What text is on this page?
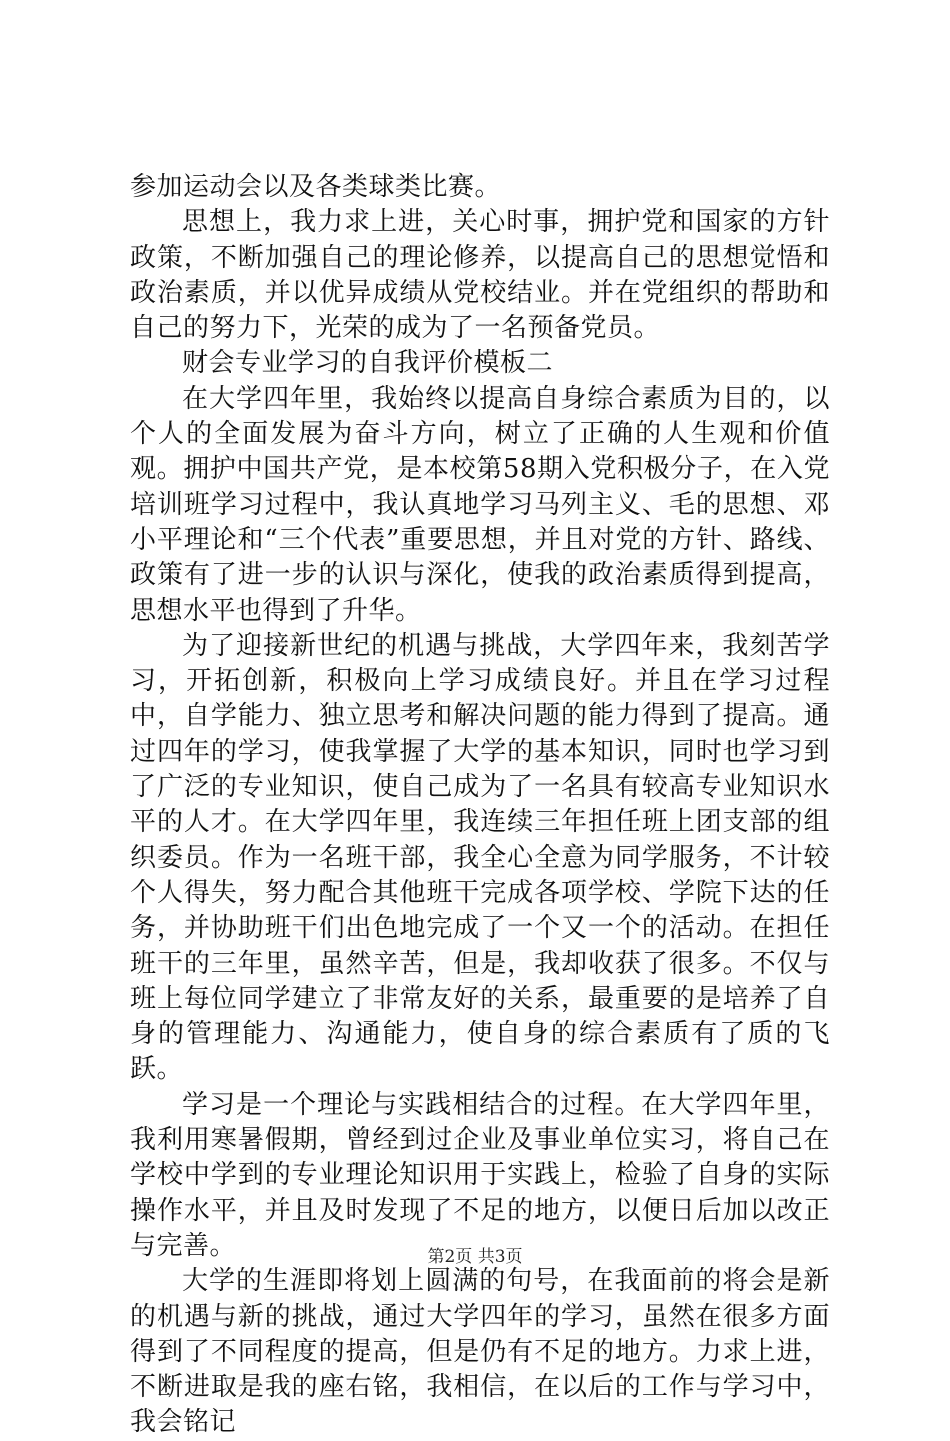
参加运动会以及各类球类比赛。

思想上，我力求上进，关心时事，拥护党和国家的方针政策，不断加强自己的理论修养，以提高自己的思想觉悟和政治素质，并以优异成绩从党校结业。并在党组织的帮助和自己的努力下，光荣的成为了一名预备党员。

财会专业学习的自我评价模板二

在大学四年里，我始终以提高自身综合素质为目的，以个人的全面发展为奋斗方向，树立了正确的人生观和价值观。拥护中国共产党，是本校第58期入党积极分子，在入党培训班学习过程中，我认真地学习马列主义、毛的思想、邓小平理论和“三个代表”重要思想，并且对党的方针、路线、政策有了进一步的认识与深化，使我的政治素质得到提高，思想水平也得到了升华。

为了迎接新世纪的机遇与挑战，大学四年来，我刻苦学习，开拓创新，积极向上学习成绩良好。并且在学习过程中，自学能力、独立思考和解决问题的能力得到了提高。通过四年的学习，使我掌握了大学的基本知识，同时也学习到了广泛的专业知识，使自己成为了一名具有较高专业知识水平的人才。在大学四年里，我连续三年担任班上团支部的组织委员。作为一名班干部，我全心全意为同学服务，不计较个人得失，努力配合其他班干完成各项学校、学院下达的任务，并协助班干们出色地完成了一个又一个的活动。在担任班干的三年里，虽然辛苦，但是，我却收获了很多。不仅与班上每位同学建立了非常友好的关系，最重要的是培养了自身的管理能力、沟通能力，使自身的综合素质有了质的飞跃。

学习是一个理论与实践相结合的过程。在大学四年里，我利用寒暑假期，曾经到过企业及事业单位实习，将自己在学校中学到的专业理论知识用于实践上，检验了自身的实际操作水平，并且及时发现了不足的地方，以便日后加以改正与完善。

大学的生涯即将划上圆满的句号，在我面前的将会是新的机遇与新的挑战，通过大学四年的学习，虽然在很多方面得到了不同程度的提高，但是仍有不足的地方。力求上进，不断进取是我的座右铭，我相信，在以后的工作与学习中，我会铭记

第2页 共3页
